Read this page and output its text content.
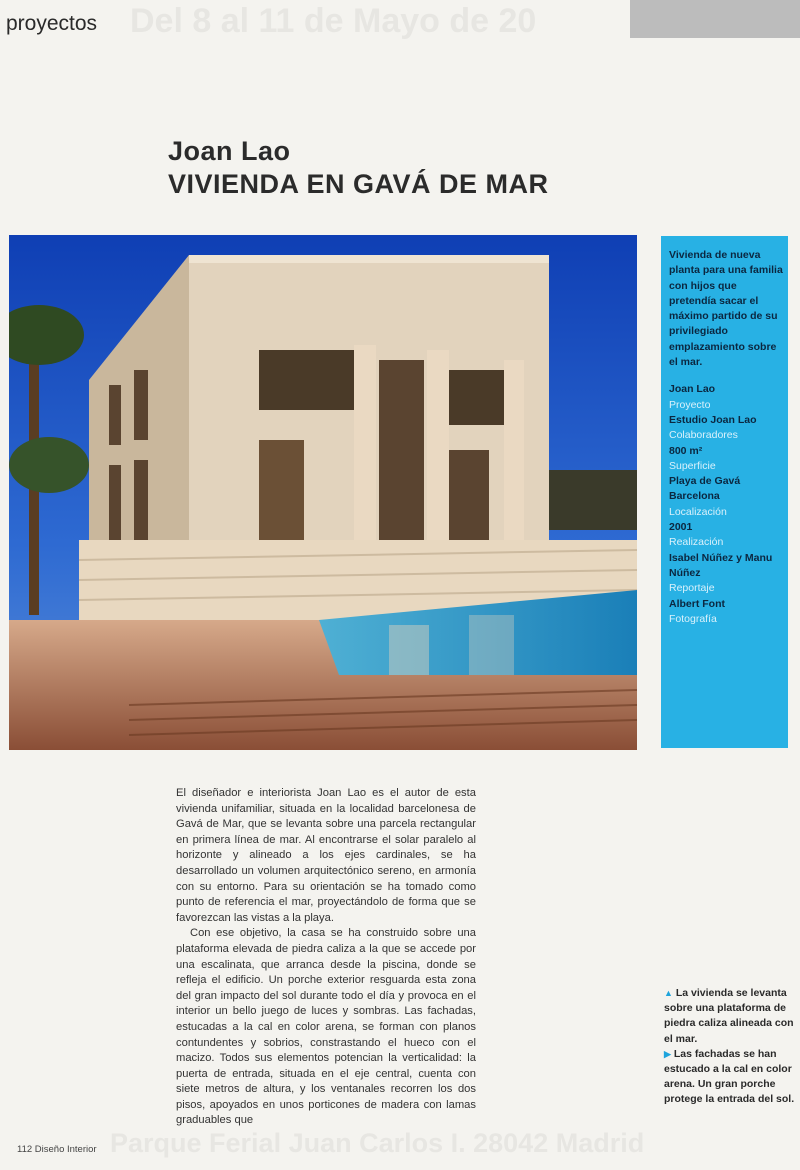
Del 8 al 11 de Mayo de 20
Parque Ferial Juan Carlos I. 28042 Madrid
proyectos
Joan Lao
VIVIENDA EN GAVÁ DE MAR
Vivienda de nueva planta para una familia con hijos que pretendía sacar el máximo partido de su privilegiado emplazamiento sobre el mar.
Joan Lao
Proyecto
Estudio Joan Lao
Colaboradores
800 m²
Superficie
Playa de Gavá Barcelona
Localización
2001
Realización
Isabel Núñez y Manu Núñez
Reportaje
Albert Font
Fotografía

El diseñador e interiorista Joan Lao es el autor de esta vivienda unifamiliar, situada en la localidad barcelonesa de Gavá de Mar, que se levanta sobre una parcela rectangular en primera línea de mar. Al encontrarse el solar paralelo al horizonte y alineado a los ejes cardinales, se ha desarrollado un volumen arquitectónico sereno, en armonía con su entorno. Para su orientación se ha tomado como punto de referencia el mar, proyectándolo de forma que se favorezcan las vistas a la playa.

Con ese objetivo, la casa se ha construido sobre una plataforma elevada de piedra caliza a la que se accede por una escalinata, que arranca desde la piscina, donde se refleja el edificio. Un porche exterior resguarda esta zona del gran impacto del sol durante todo el día y provoca en el interior un bello juego de luces y sombras. Las fachadas, estucadas a la cal en color arena, se forman con planos contundentes y sobrios, constrastando el hueco con el macizo. Todos sus elementos potencian la verticalidad: la puerta de entrada, situada en el eje central, cuenta con siete metros de altura, y los ventanales recorren los dos pisos, apoyados en unos porticones de madera con lamas graduables que

▲ La vivienda se levanta sobre una plataforma de piedra caliza alineada con el mar.
▶ Las fachadas se han estucado a la cal en color arena. Un gran porche protege la entrada del sol.
112 Diseño Interior
